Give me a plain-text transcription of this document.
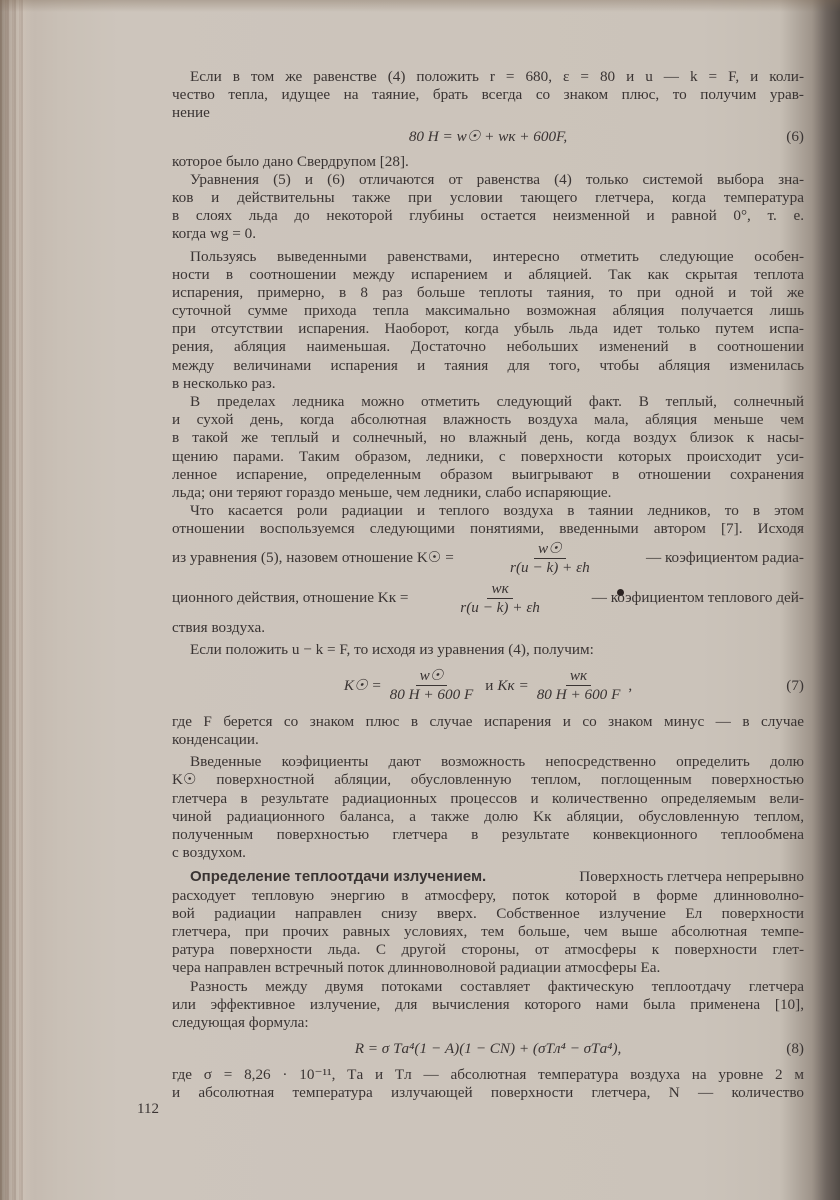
Если в том же равенстве (4) положить r = 680, ε = 80 и u — k = F, и коли-
чество тепла, идущее на таяние, брать всегда со знаком плюс, то получим урав-
нение
80 H = w☉ + wк + 600F,	(6)
которое было дано Свердрупом [28].
Уравнения (5) и (6) отличаются от равенства (4) только системой выбора зна-
ков и действительны также при условии тающего глетчера, когда температура
в слоях льда до некоторой глубины остается неизменной и равной 0°, т. е.
когда wg = 0.
Пользуясь выведенными равенствами, интересно отметить следующие особен-
ности в соотношении между испарением и абляцией. Так как скрытая теплота
испарения, примерно, в 8 раз больше теплоты таяния, то при одной и той же
суточной сумме прихода тепла максимально возможная абляция получается лишь
при отсутствии испарения. Наоборот, когда убыль льда идет только путем испа-
рения, абляция наименьшая. Достаточно небольших изменений в соотношении
между величинами испарения и таяния для того, чтобы абляция изменилась
в несколько раз.
В пределах ледника можно отметить следующий факт. В теплый, солнечный
и сухой день, когда абсолютная влажность воздуха мала, абляция меньше чем
в такой же теплый и солнечный, но влажный день, когда воздух близок к насы-
щению парами. Таким образом, ледники, с поверхности которых происходит уси-
ленное испарение, определенным образом выигрывают в отношении сохранения
льда; они теряют гораздо меньше, чем ледники, слабо испаряющие.
Что касается роли радиации и теплого воздуха в таянии ледников, то в этом
отношении воспользуемся следующими понятиями, введенными автором [7]. Исходя
из уравнения (5), назовем отношение K☉ =	$\frac{w☉}{r(u - k) + \varepsilon h}$	— коэфициентом радиа-
ционного действия, отношение Kк =	$\frac{wк}{r(u - k) + \varepsilon h}$	— коэфициентом теплового дей-
ствия воздуха.
Если положить u − k = F, то исходя из уравнения (4), получим:
K☉ = $\frac{w☉}{80 H + 600 F}$ и Kк = $\frac{wк}{80 H + 600 F}$ ,	(7)
где F берется со знаком плюс в случае испарения и со знаком минус — в случае
конденсации.
Введенные коэфициенты дают возможность непосредственно определить долю
K☉ поверхностной абляции, обусловленную теплом, поглощенным поверхностью
глетчера в результате радиационных процессов и количественно определяемым вели-
чиной радиационного баланса, а также долю Kк абляции, обусловленную теплом,
полученным поверхностью глетчера в результате конвекционного теплообмена
с воздухом.
Определение теплоотдачи излучением.	Поверхность глетчера непрерывно
расходует тепловую энергию в атмосферу, поток которой в форме длинноволно-
вой радиации направлен снизу вверх. Собственное излучение Eл поверхности
глетчера, при прочих равных условиях, тем больше, чем выше абсолютная темпе-
ратура поверхности льда. С другой стороны, от атмосферы к поверхности глет-
чера направлен встречный поток длинноволновой радиации атмосферы Eа.
Разность между двумя потоками составляет фактическую теплоотдачу глетчера
или эффективное излучение, для вычисления которого нами была применена [10],
следующая формула:
R = σ Tа⁴(1 − A)(1 − CN) + (σTл⁴ − σTа⁴),	(8)
где σ = 8,26 · 10⁻¹¹, Tа и Tл — абсолютная температура воздуха на уровне 2 м
и абсолютная температура излучающей поверхности глетчера, N — количество
112
